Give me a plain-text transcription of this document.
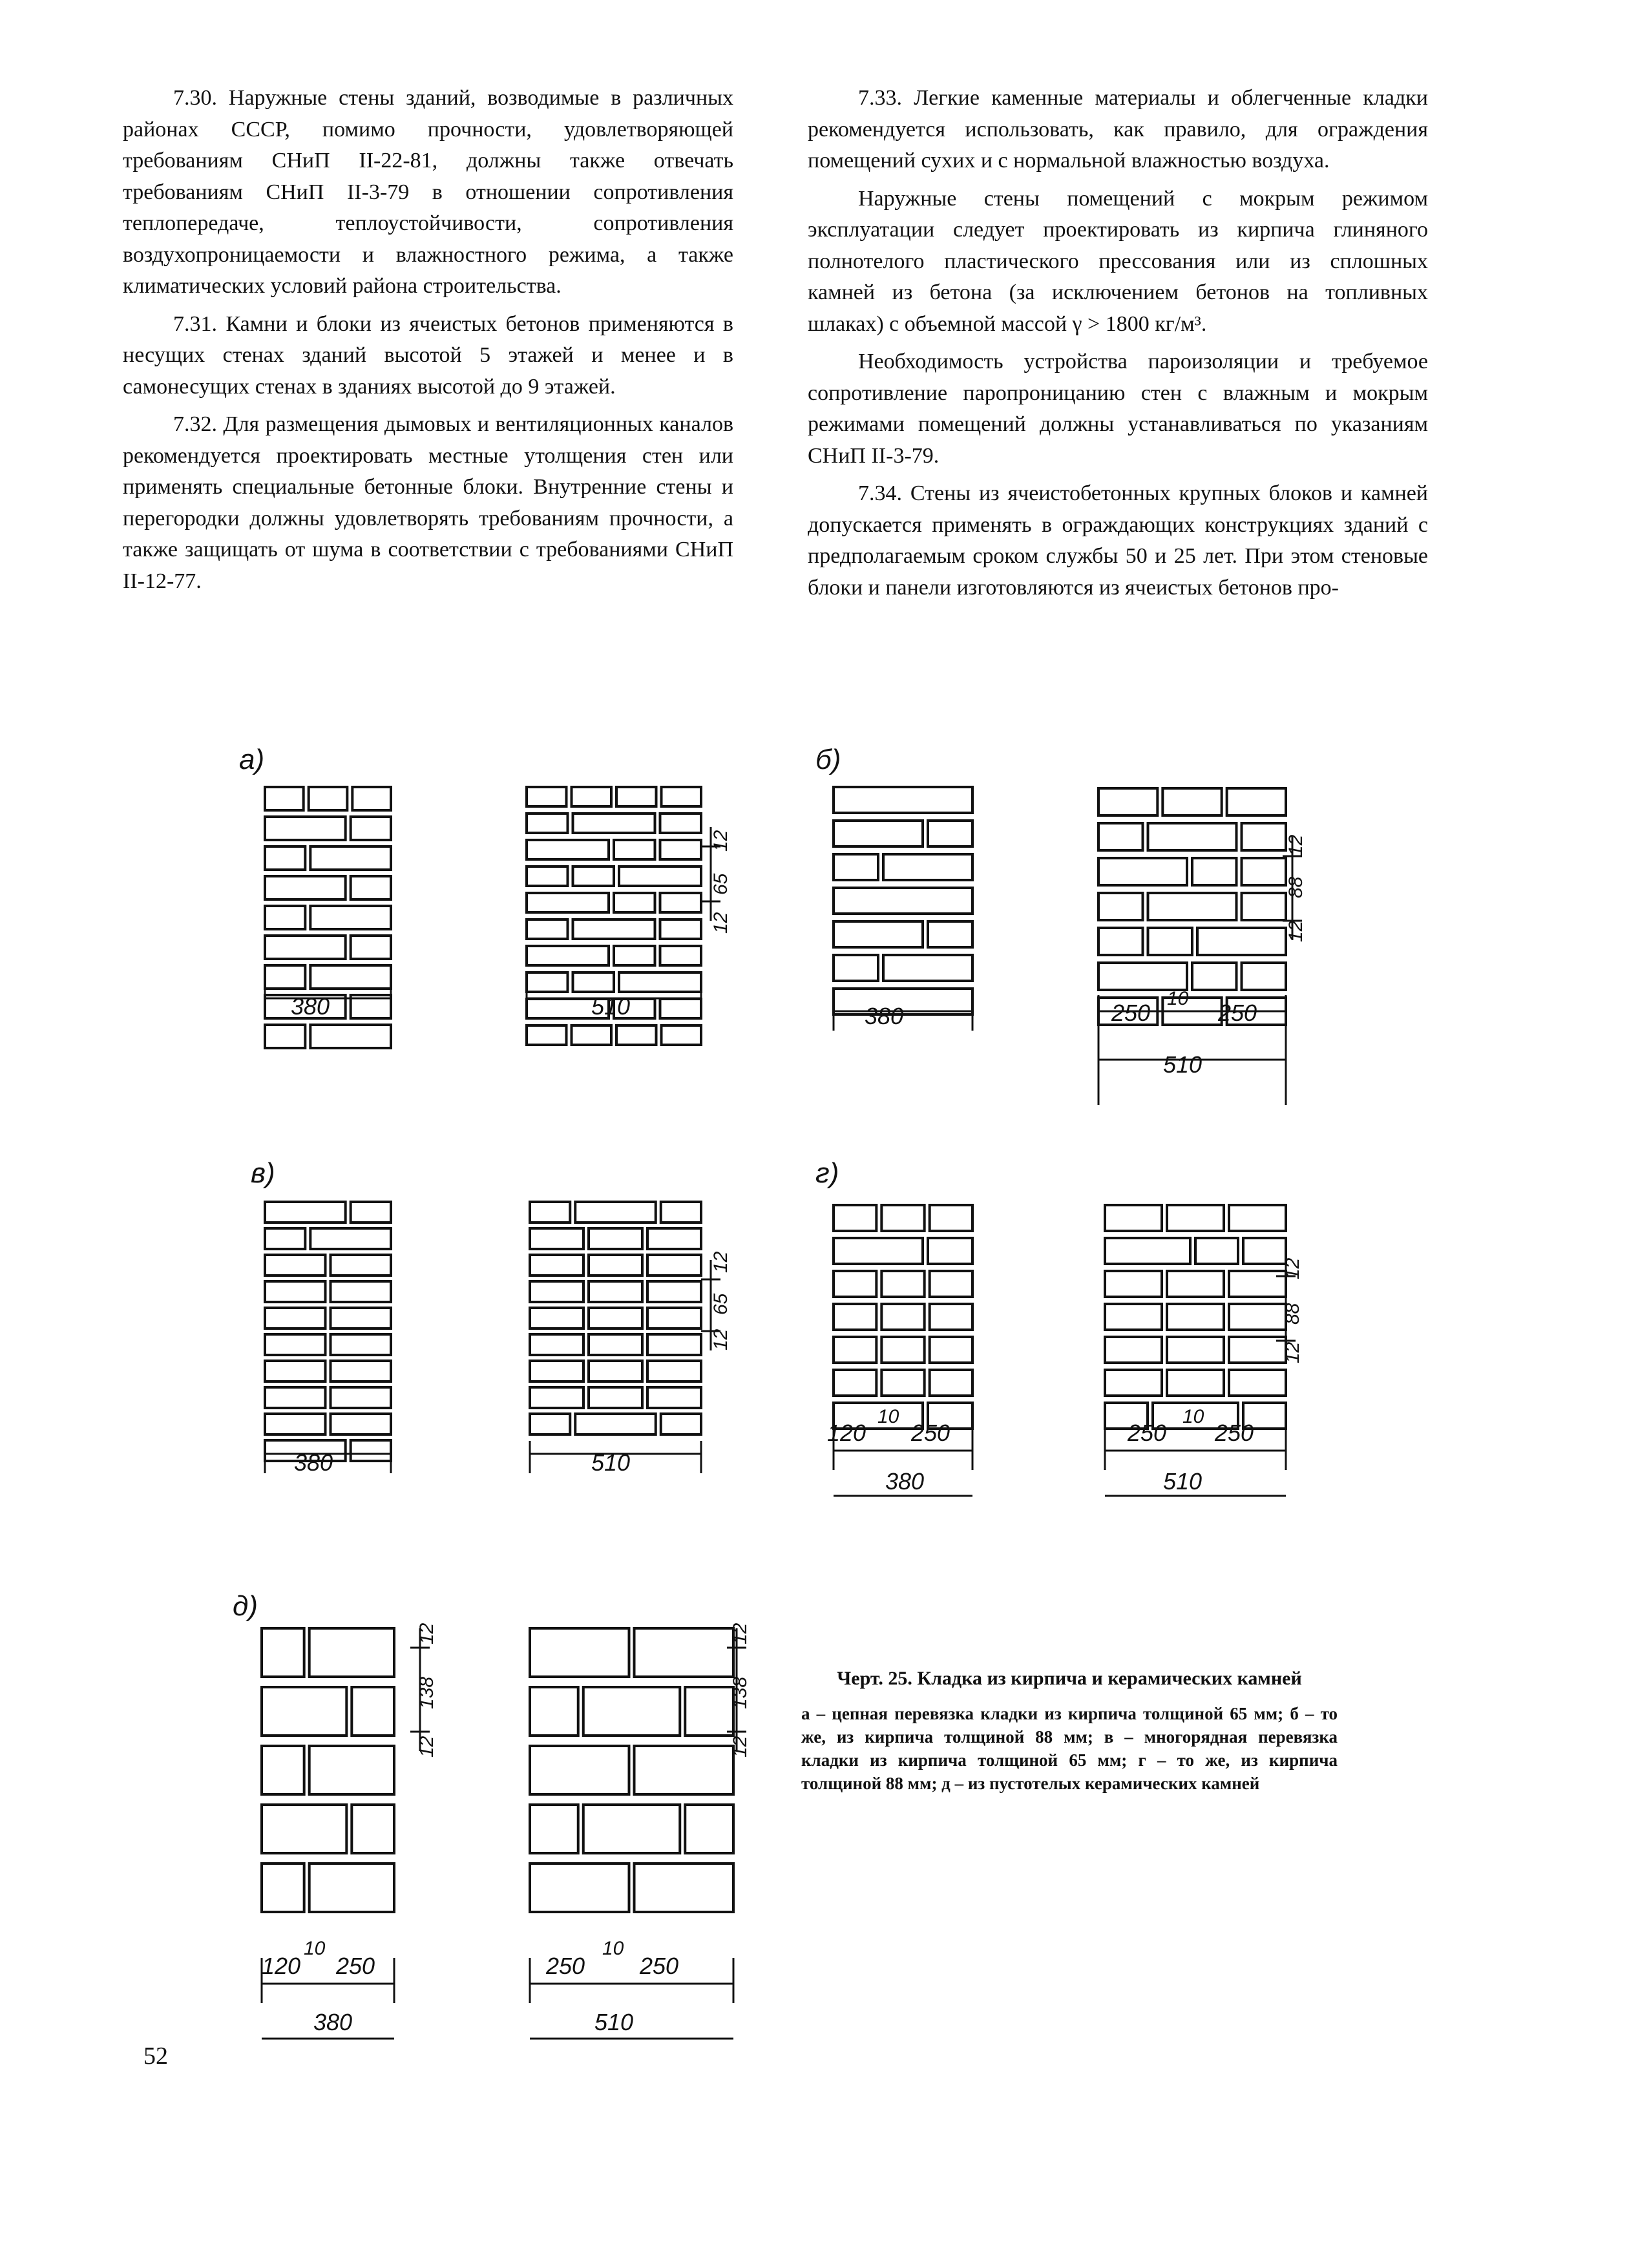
7.30. Наружные стены зданий, возводимые в различных районах СССР, помимо прочности, удовлетворяющей требованиям СНиП II-22-81, должны также отвечать требованиям СНиП II-3-79 в отношении сопротивления теплопередаче, теплоустойчивости, сопротивления воздухопроницаемости и влажностного режима, а также климатических условий района строительства.

7.31. Камни и блоки из ячеистых бетонов применяются в несущих стенах зданий высотой 5 этажей и менее и в самонесущих стенах в зданиях высотой до 9 этажей.

7.32. Для размещения дымовых и вентиляционных каналов рекомендуется проектировать местные утолщения стен или применять специальные бетонные блоки. Внутренние стены и перегородки должны удовлетворять требованиям прочности, а также защищать от шума в соответствии с требованиями СНиП II-12-77.

7.33. Легкие каменные материалы и облегченные кладки рекомендуется использовать, как правило, для ограждения помещений сухих и с нормальной влажностью воздуха.

Наружные стены помещений с мокрым режимом эксплуатации следует проектировать из кирпича глиняного полнотелого пластического прессования или из сплошных камней из бетона (за исключением бетонов на топливных шлаках) с объемной массой γ > 1800 кг/м³.

Необходимость устройства пароизоляции и требуемое сопротивление паропроницанию стен с влажным и мокрым режимами помещений должны устанавливаться по указаниям СНиП II-3-79.

7.34. Стены из ячеистобетонных крупных блоков и камней допускается применять в ограждающих конструкциях зданий с предполагаемым сроком службы 50 и 25 лет. При этом стеновые блоки и панели изготовляются из ячеистых бетонов про-

а)	б)
в)	г)
д)
380	510	380	250
10
250
510
380	510
120
10
250
380
250
10
250
510
120
10
250
380
250
10
250
510
12
65
12
12
88
12
12
65
12
12
88
12
12
138
12
12
138
12
Черт. 25. Кладка из кирпича и керамических камней
а – цепная перевязка кладки из кирпича толщиной 65 мм; б – то же, из кирпича толщиной 88 мм; в – многорядная перевязка кладки из кирпича толщиной 65 мм; г – то же, из кирпича толщиной 88 мм; д – из пустотелых керамических камней
52
